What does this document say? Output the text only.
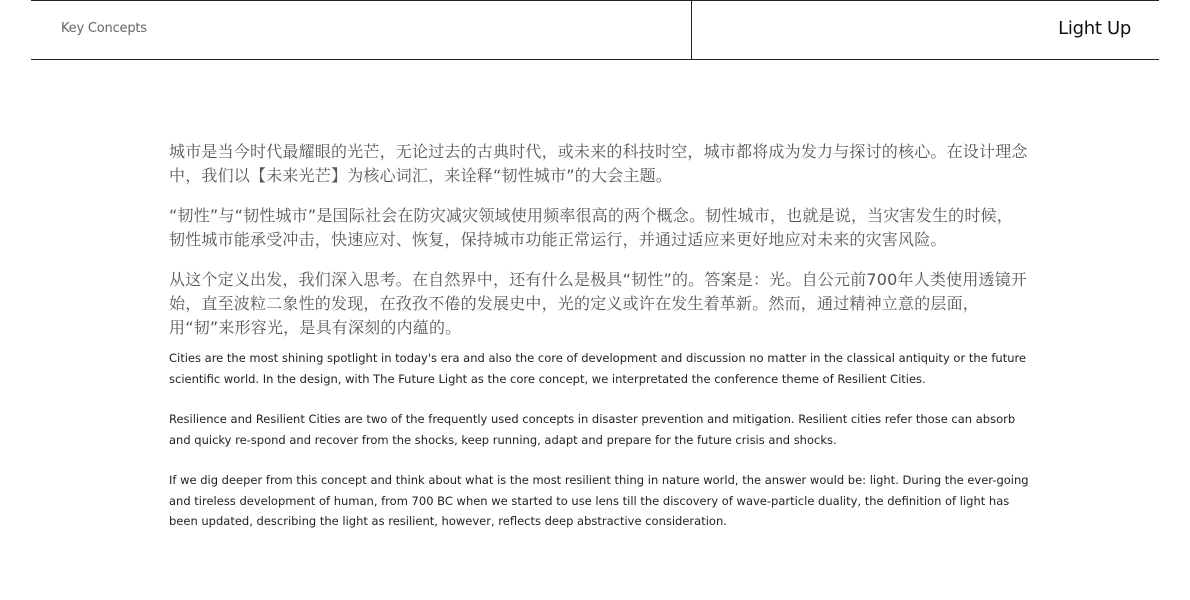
Key Concepts	Light Up

城市是当今时代最耀眼的光芒，无论过去的古典时代，或未来的科技时空，城市都将成为发力与探讨的核心。在设计理念中，我们以【未来光芒】为核心词汇，来诠释“韧性城市”的大会主题。

“韧性”与“韧性城市”是国际社会在防灾减灾领域使用频率很高的两个概念。韧性城市，也就是说，当灾害发生的时候，韧性城市能承受冲击，快速应对、恢复，保持城市功能正常运行，并通过适应来更好地应对未来的灾害风险。

从这个定义出发，我们深入思考。在自然界中，还有什么是极具“韧性”的。答案是：光。自公元前700年人类使用透镜开始，直至波粒二象性的发现，在孜孜不倦的发展史中，光的定义或许在发生着革新。然而，通过精神立意的层面，用“韧”来形容光，是具有深刻的内蕴的。

Cities are the most shining spotlight in today's era and also the core of development and discussion no matter in the classical antiquity or the future scientific world. In the design, with The Future Light as the core concept, we interpretated the conference theme of Resilient Cities.

Resilience and Resilient Cities are two of the frequently used concepts in disaster prevention and mitigation. Resilient cities refer those can absorb and quicky re-spond and recover from the shocks, keep running, adapt and prepare for the future crisis and shocks.

If we dig deeper from this concept and think about what is the most resilient thing in nature world, the answer would be: light. During the ever-going and tireless development of human, from 700 BC when we started to use lens till the discovery of wave-particle duality, the definition of light has been updated, describing the light as resilient, however, reflects deep abstractive consideration.
